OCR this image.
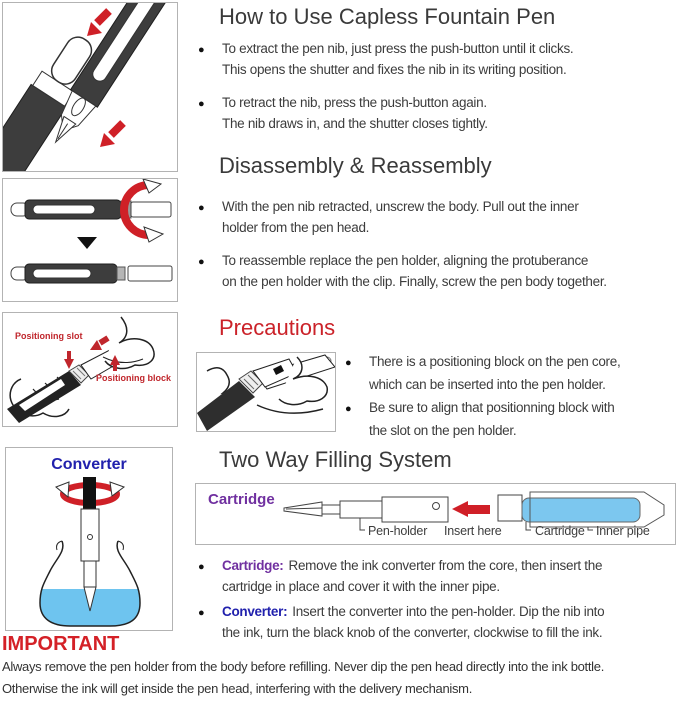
Positioning slot
Positioning block
Converter
How to Use Capless Fountain Pen
●
To extract the pen nib, just press the push-button until it clicks.
This opens the shutter and fixes the nib in its writing position.
●
To retract the nib, press the push-button again.
The nib draws in, and the shutter closes tightly.
Disassembly & Reassembly
●
With the pen nib retracted, unscrew the body. Pull out the inner
holder from the pen head.
●
To reassemble replace the pen holder, aligning the protuberance
on the pen holder with the clip. Finally, screw the pen body together.
Precautions
●
There is a positioning block on the pen core,
which can be inserted into the pen holder.
●
Be sure to align that positionning block with
the slot on the pen holder.
Two Way Filling System
Cartridge
Pen-holder Insert here	Cartridge Inner pipe
●
Cartridge: Remove the ink converter from the core, then insert the
cartridge in place and cover it with the inner pipe.
●
Converter: Insert the converter into the pen-holder. Dip the nib into
the ink, turn the black knob of the converter, clockwise to fill the ink.
IMPORTANT
Always remove the pen holder from the body before refilling. Never dip the pen head directly into the ink bottle.
Otherwise the ink will get inside the pen head, interfering with the delivery mechanism.
